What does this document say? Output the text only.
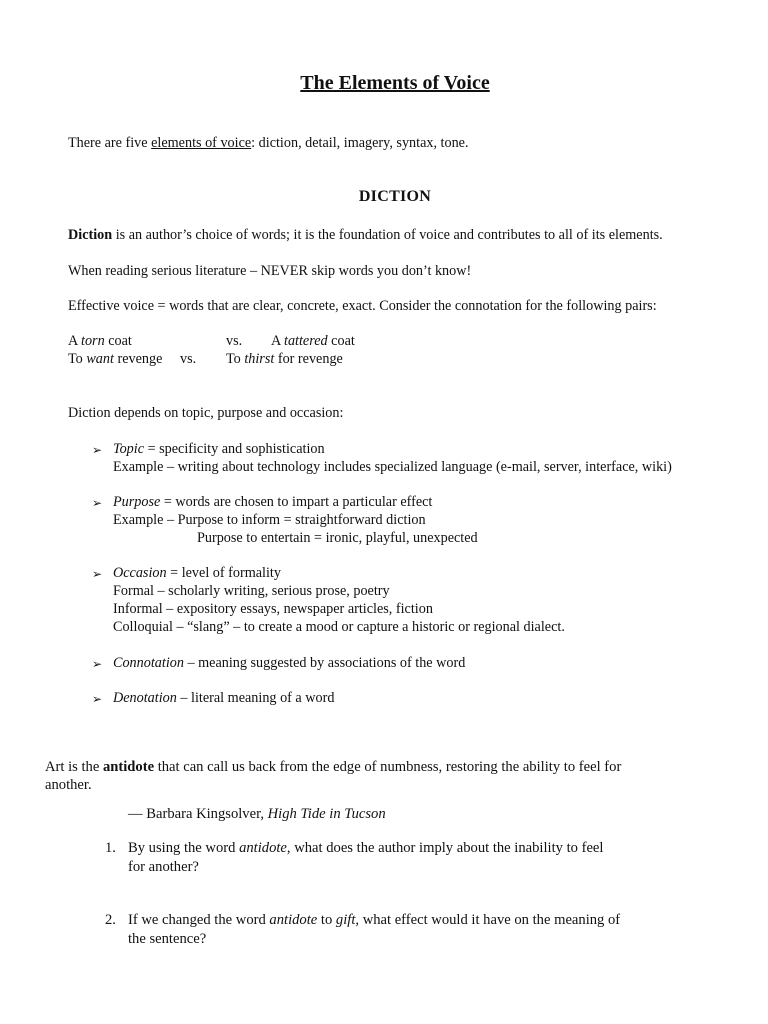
The Elements of Voice
There are five elements of voice: diction, detail, imagery, syntax, tone.
DICTION
Diction is an author’s choice of words; it is the foundation of voice and contributes to all of its elements.
When reading serious literature – NEVER skip words you don’t know!
Effective voice = words that are clear, concrete, exact. Consider the connotation for the following pairs:
A torn coat	vs. A tattered coat
To want revenge vs. To thirst for revenge
Diction depends on topic, purpose and occasion:
➢ Topic = specificity and sophistication
Example – writing about technology includes specialized language (e-mail, server, interface, wiki)
➢ Purpose = words are chosen to impart a particular effect
Example – Purpose to inform = straightforward diction
Purpose to entertain = ironic, playful, unexpected
➢ Occasion = level of formality
Formal – scholarly writing, serious prose, poetry
Informal – expository essays, newspaper articles, fiction
Colloquial – “slang” – to create a mood or capture a historic or regional dialect.
➢ Connotation – meaning suggested by associations of the word
➢ Denotation – literal meaning of a word
Art is the antidote that can call us back from the edge of numbness, restoring the ability to feel for
another.
— Barbara Kingsolver, High Tide in Tucson
1. By using the word antidote, what does the author imply about the inability to feel
for another?
2. If we changed the word antidote to gift, what effect would it have on the meaning of
the sentence?
